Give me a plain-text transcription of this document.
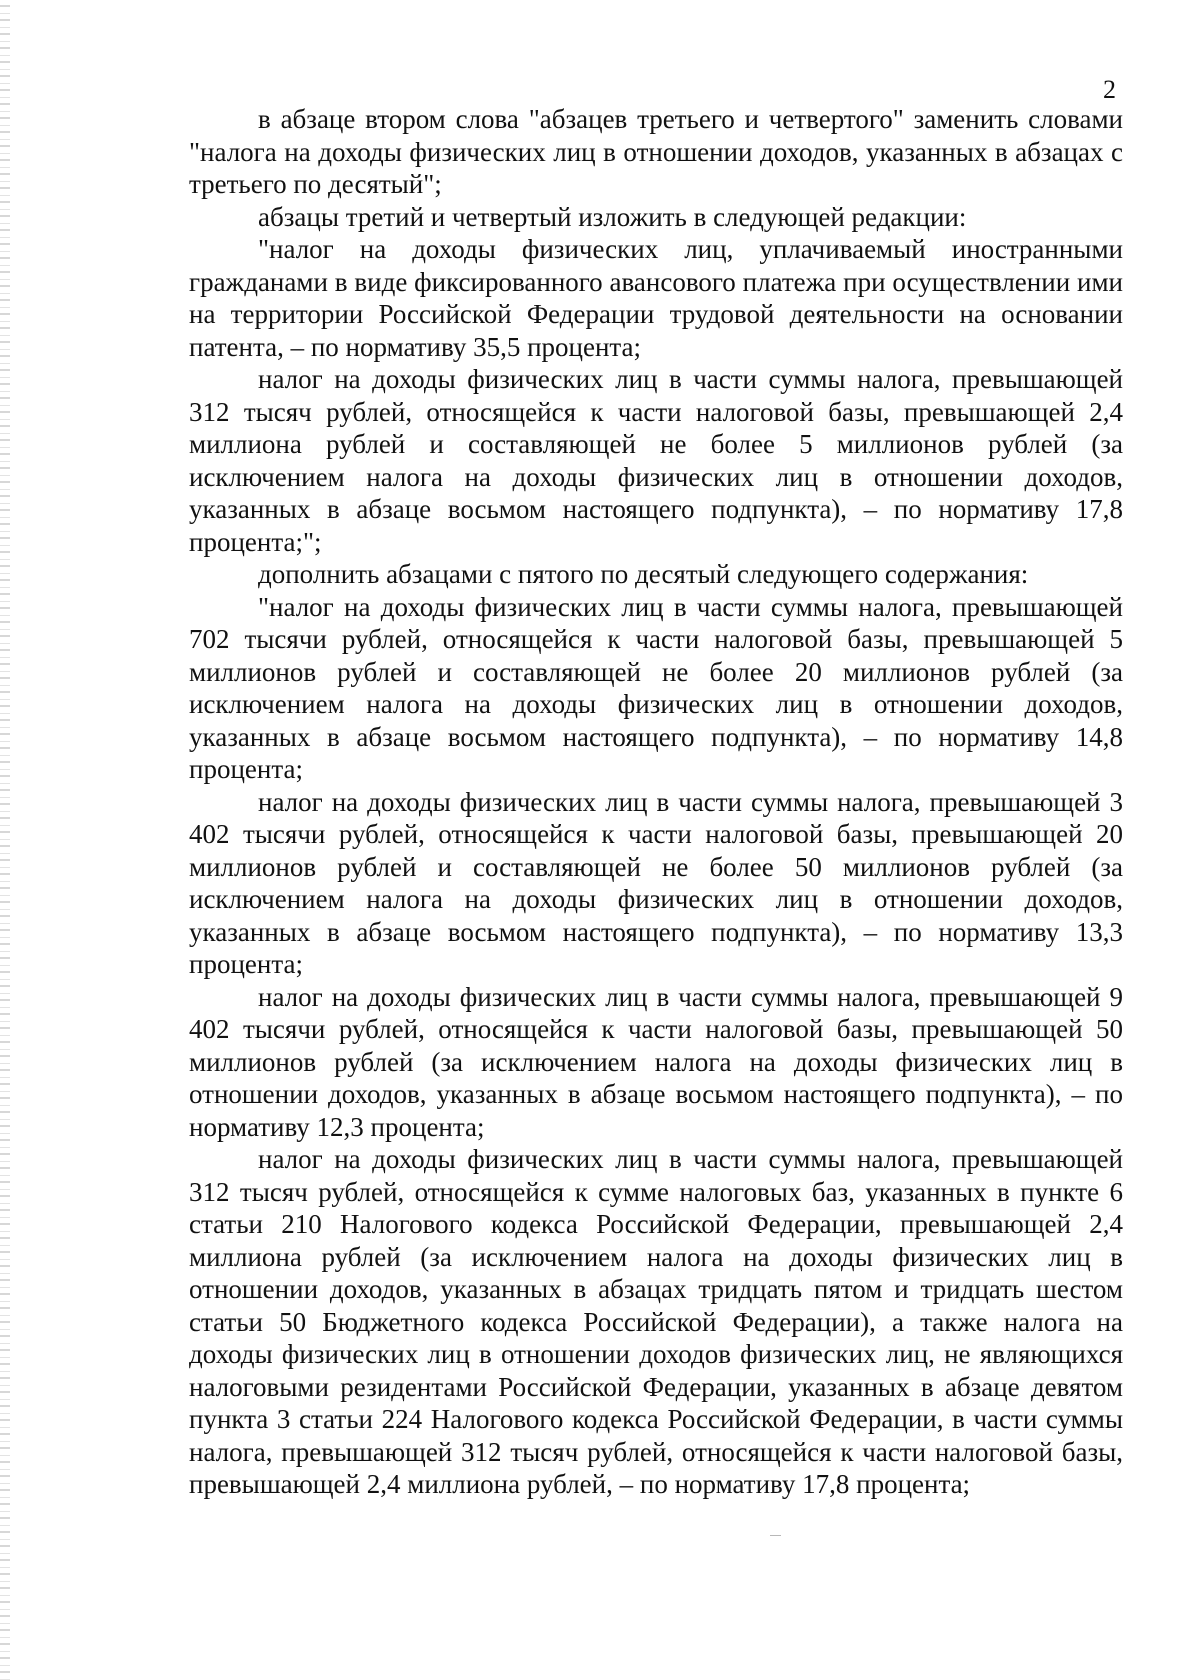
2

в абзаце втором слова "абзацев третьего и четвертого" заменить словами "налога на доходы физических лиц в отношении доходов, указанных в абзацах с третьего по десятый";

абзацы третий и четвертый изложить в следующей редакции:

"налог на доходы физических лиц, уплачиваемый иностранными гражданами в виде фиксированного авансового платежа при осуществлении ими на территории Российской Федерации трудовой деятельности на основании патента, – по нормативу 35,5 процента;

налог на доходы физических лиц в части суммы налога, превышающей 312 тысяч рублей, относящейся к части налоговой базы, превышающей 2,4 миллиона рублей и составляющей не более 5 миллионов рублей (за исключением налога на доходы физических лиц в отношении доходов, указанных в абзаце восьмом настоящего подпункта), – по нормативу 17,8 процента;";

дополнить абзацами с пятого по десятый следующего содержания:

"налог на доходы физических лиц в части суммы налога, превышающей 702 тысячи рублей, относящейся к части налоговой базы, превышающей 5 миллионов рублей и составляющей не более 20 миллионов рублей (за исключением налога на доходы физических лиц в отношении доходов, указанных в абзаце восьмом настоящего подпункта), – по нормативу 14,8 процента;

налог на доходы физических лиц в части суммы налога, превышающей 3 402 тысячи рублей, относящейся к части налоговой базы, превышающей 20 миллионов рублей и составляющей не более 50 миллионов рублей (за исключением налога на доходы физических лиц в отношении доходов, указанных в абзаце восьмом настоящего подпункта), – по нормативу 13,3 процента;

налог на доходы физических лиц в части суммы налога, превышающей 9 402 тысячи рублей, относящейся к части налоговой базы, превышающей 50 миллионов рублей (за исключением налога на доходы физических лиц в отношении доходов, указанных в абзаце восьмом настоящего подпункта), – по нормативу 12,3 процента;

налог на доходы физических лиц в части суммы налога, превышающей 312 тысяч рублей, относящейся к сумме налоговых баз, указанных в пункте 6 статьи 210 Налогового кодекса Российской Федерации, превышающей 2,4 миллиона рублей (за исключением налога на доходы физических лиц в отношении доходов, указанных в абзацах тридцать пятом и тридцать шестом статьи 50 Бюджетного кодекса Российской Федерации), а также налога на доходы физических лиц в отношении доходов физических лиц, не являющихся налоговыми резидентами Российской Федерации, указанных в абзаце девятом пункта 3 статьи 224 Налогового кодекса Российской Федерации, в части суммы налога, превышающей 312 тысяч рублей, относящейся к части налоговой базы, превышающей 2,4 миллиона рублей, – по нормативу 17,8 процента;
